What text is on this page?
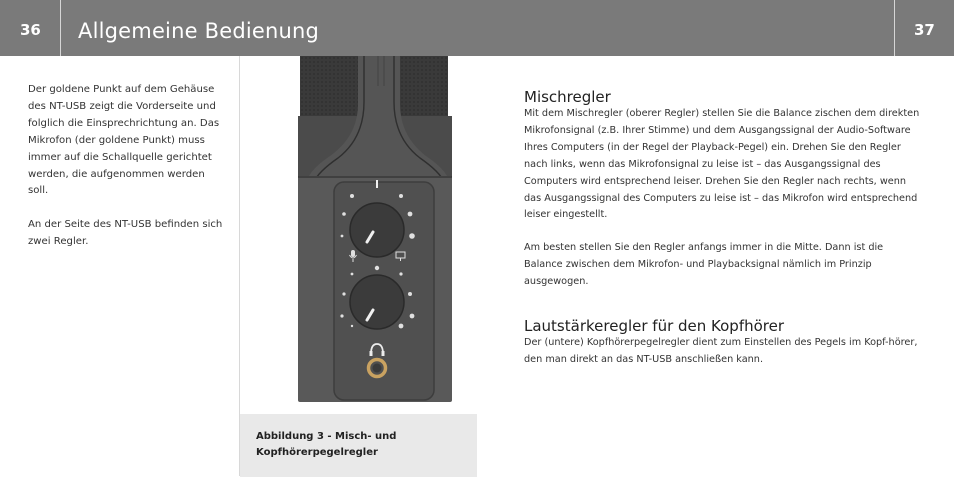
36 Allgemeine Bedienung	37

Der goldene Punkt auf dem Gehäuse des NT-USB zeigt die Vorderseite und folglich die Einsprechrichtung an. Das Mikrofon (der goldene Punkt) muss immer auf die Schallquelle gerichtet werden, die aufgenommen werden soll.

An der Seite des NT-USB befinden sich zwei Regler.

Abbildung 3 - Misch- und Kopfhörerpegelregler

Mischregler

Mit dem Mischregler (oberer Regler) stellen Sie die Balance zischen dem direkten Mikrofonsignal (z.B. Ihrer Stimme) und dem Ausgangssignal der Audio-Software Ihres Computers (in der Regel der Playback-Pegel) ein. Drehen Sie den Regler nach links, wenn das Mikrofonsignal zu leise ist – das Ausgangssignal des Computers wird entsprechend leiser. Drehen Sie den Regler nach rechts, wenn das Ausgangssignal des Computers zu leise ist – das Mikrofon wird entsprechend leiser eingestellt.

Am besten stellen Sie den Regler anfangs immer in die Mitte. Dann ist die Balance zwischen dem Mikrofon- und Playbacksignal nämlich im Prinzip ausgewogen.

Lautstärkeregler für den Kopfhörer

Der (untere) Kopfhörerpegelregler dient zum Einstellen des Pegels im Kopf-hörer, den man direkt an das NT-USB anschließen kann.
